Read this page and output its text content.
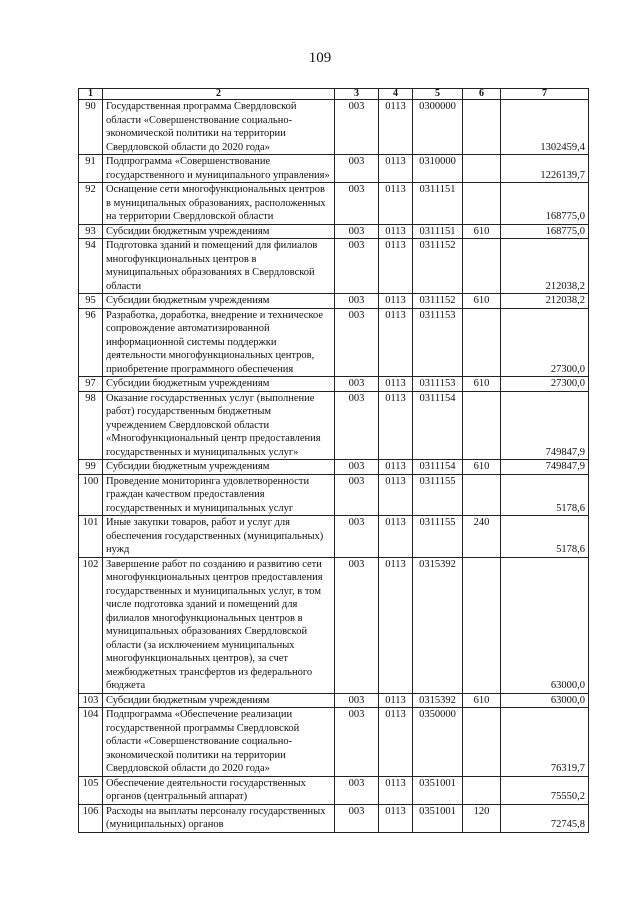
109
1	2	3	4	5	6	7
90	Государственная программа Свердловской области «Совершенствование социально-экономической политики на территории Свердловской области до 2020 года»	003	0113	0300000		1302459,4
91	Подпрограмма «Совершенствование государственного и муниципального управления»	003	0113	0310000		1226139,7
92	Оснащение сети многофункциональных центров в муниципальных образованиях, расположенных на территории Свердловской области	003	0113	0311151		168775,0
93	Субсидии бюджетным учреждениям	003	0113	0311151	610	168775,0
94	Подготовка зданий и помещений для филиалов многофункциональных центров в муниципальных образованиях в Свердловской области	003	0113	0311152		212038,2
95	Субсидии бюджетным учреждениям	003	0113	0311152	610	212038,2
96	Разработка, доработка, внедрение и техническое сопровождение автоматизированной информационной системы поддержки деятельности многофункциональных центров, приобретение программного обеспечения	003	0113	0311153		27300,0
97	Субсидии бюджетным учреждениям	003	0113	0311153	610	27300,0
98	Оказание государственных услуг (выполнение работ) государственным бюджетным учреждением Свердловской области «Многофункциональный центр предоставления государственных и муниципальных услуг»	003	0113	0311154		749847,9
99	Субсидии бюджетным учреждениям	003	0113	0311154	610	749847,9
100	Проведение мониторинга удовлетворенности граждан качеством предоставления государственных и муниципальных услуг	003	0113	0311155		5178,6
101	Иные закупки товаров, работ и услуг для обеспечения государственных (муниципальных) нужд	003	0113	0311155	240	5178,6
102	Завершение работ по созданию и развитию сети многофункциональных центров предоставления государственных и муниципальных услуг, в том числе подготовка зданий и помещений для филиалов многофункциональных центров в муниципальных образованиях Свердловской области (за исключением муниципальных многофункциональных центров), за счет межбюджетных трансфертов из федерального бюджета	003	0113	0315392		63000,0
103	Субсидии бюджетным учреждениям	003	0113	0315392	610	63000,0
104	Подпрограмма «Обеспечение реализации государственной программы Свердловской области «Совершенствование социально-экономической политики на территории Свердловской области до 2020 года»	003	0113	0350000		76319,7
105	Обеспечение деятельности государственных органов (центральный аппарат)	003	0113	0351001		75550,2
106	Расходы на выплаты персоналу государственных (муниципальных) органов	003	0113	0351001	120	72745,8
